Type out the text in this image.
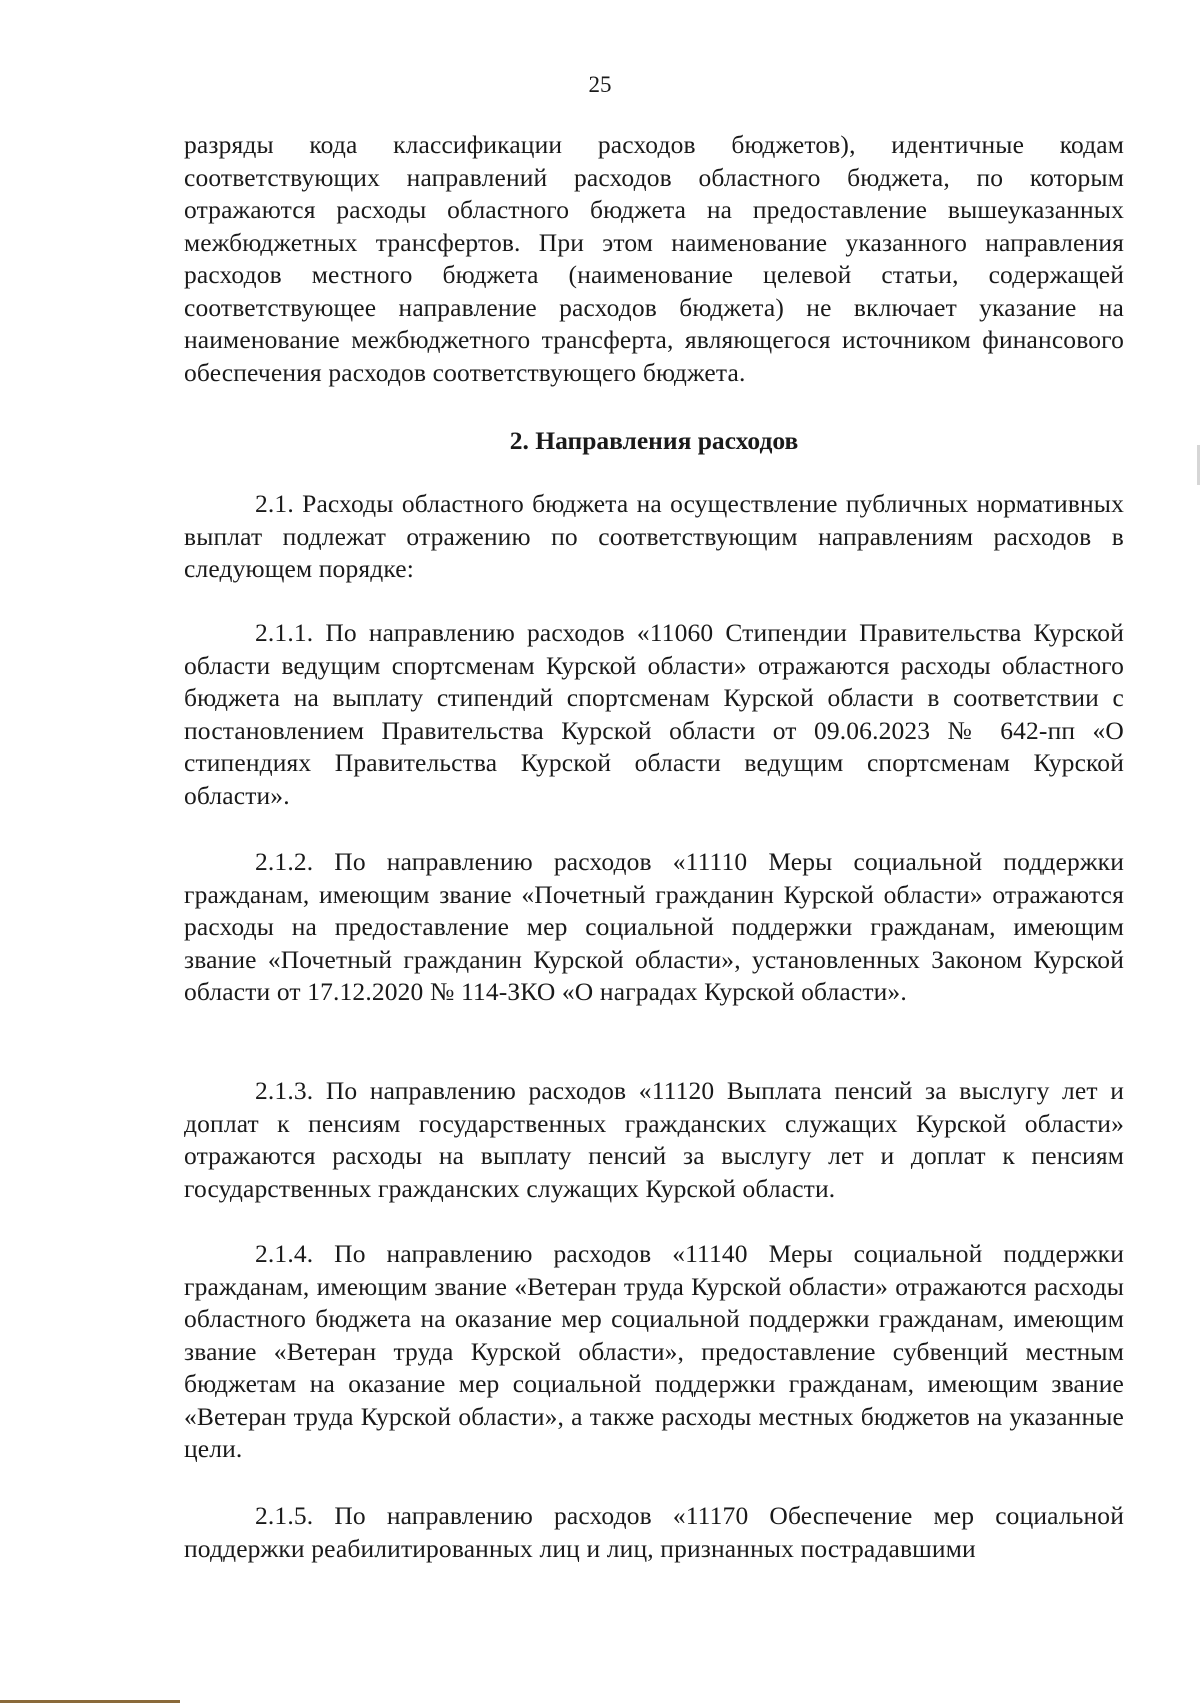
25

разряды кода классификации расходов бюджетов), идентичные кодам соответствующих направлений расходов областного бюджета, по которым отражаются расходы областного бюджета на предоставление вышеуказанных межбюджетных трансфертов. При этом наименование указанного направления расходов местного бюджета (наименование целевой статьи, содержащей соответствующее направление расходов бюджета) не включает указание на наименование межбюджетного трансферта, являющегося источником финансового обеспечения расходов соответствующего бюджета.

2. Направления расходов

2.1. Расходы областного бюджета на осуществление публичных нормативных выплат подлежат отражению по соответствующим направлениям расходов в следующем порядке:

2.1.1. По направлению расходов «11060 Стипендии Правительства Курской области ведущим спортсменам Курской области» отражаются расходы областного бюджета на выплату стипендий спортсменам Курской области в соответствии с постановлением Правительства Курской области от 09.06.2023 № 642-пп «О стипендиях Правительства Курской области ведущим спортсменам Курской области».

2.1.2. По направлению расходов «11110 Меры социальной поддержки гражданам, имеющим звание «Почетный гражданин Курской области» отражаются расходы на предоставление мер социальной поддержки гражданам, имеющим звание «Почетный гражданин Курской области», установленных Законом Курской области от 17.12.2020 № 114-ЗКО «О наградах Курской области».

2.1.3. По направлению расходов «11120 Выплата пенсий за выслугу лет и доплат к пенсиям государственных гражданских служащих Курской области» отражаются расходы на выплату пенсий за выслугу лет и доплат к пенсиям государственных гражданских служащих Курской области.

2.1.4. По направлению расходов «11140 Меры социальной поддержки гражданам, имеющим звание «Ветеран труда Курской области» отражаются расходы областного бюджета на оказание мер социальной поддержки гражданам, имеющим звание «Ветеран труда Курской области», предоставление субвенций местным бюджетам на оказание мер социальной поддержки гражданам, имеющим звание «Ветеран труда Курской области», а также расходы местных бюджетов на указанные цели.

2.1.5. По направлению расходов «11170 Обеспечение мер социальной поддержки реабилитированных лиц и лиц, признанных пострадавшими
